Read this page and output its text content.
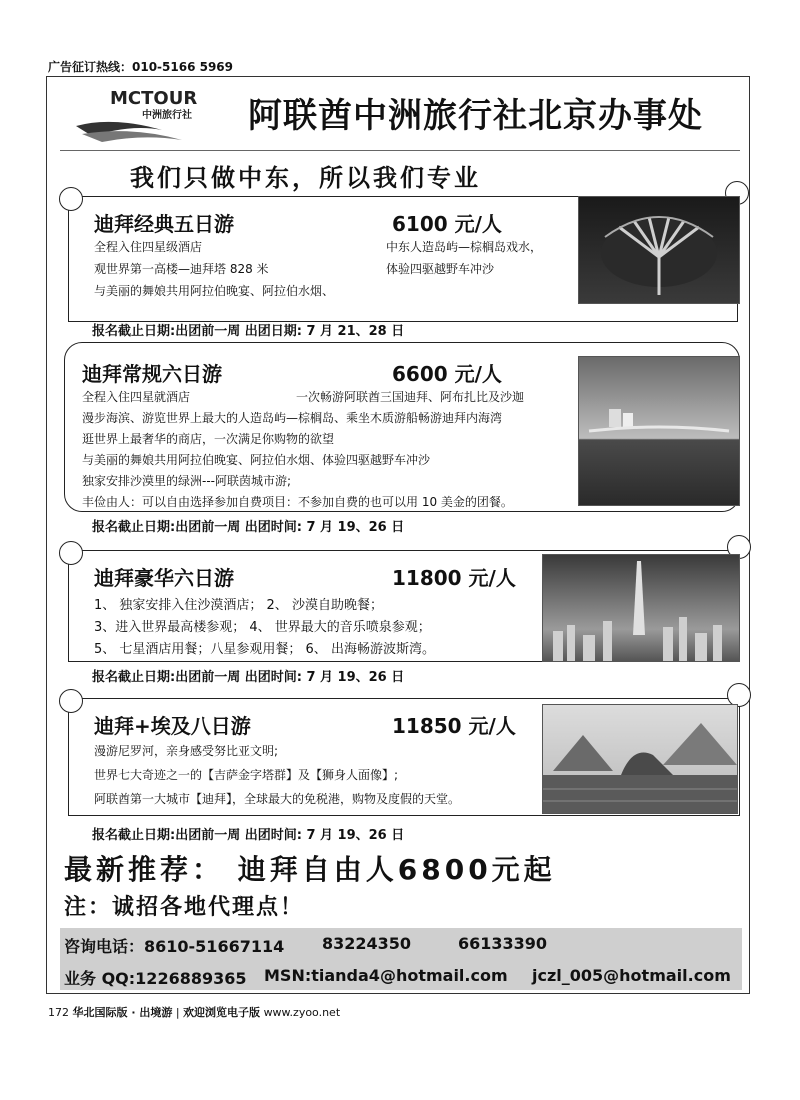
广告征订热线：010-5166 5969
MCTOUR
中洲旅行社 阿联酋中洲旅行社北京办事处
我们只做中东，所以我们专业
迪拜经典五日游	6100 元/人
全程入住四星级酒店	中东人造岛屿—棕榈岛戏水，
观世界第一高楼—迪拜塔 828 米	体验四驱越野车冲沙
与美丽的舞娘共用阿拉伯晚宴、阿拉伯水烟、
报名截止日期:出团前一周 出团日期: 7 月 21、28 日
迪拜常规六日游	6600 元/人
全程入住四星就酒店	一次畅游阿联酋三国迪拜、阿布扎比及沙迦
漫步海滨、游览世界上最大的人造岛屿—棕榈岛、乘坐木质游船畅游迪拜内海湾
逛世界上最奢华的商店，一次满足你购物的欲望
与美丽的舞娘共用阿拉伯晚宴、阿拉伯水烟、体验四驱越野车冲沙
独家安排沙漠里的绿洲---阿联茵城市游;
丰俭由人：可以自由选择参加自费项目：不参加自费的也可以用 10 美金的团餐。
报名截止日期:出团前一周 出团时间: 7 月 19、26 日
迪拜豪华六日游	11800 元/人
1、 独家安排入住沙漠酒店； 2、 沙漠自助晚餐；
3、进入世界最高楼参观； 4、 世界最大的音乐喷泉参观；
5、 七星酒店用餐；八星参观用餐； 6、 出海畅游波斯湾。
报名截止日期:出团前一周 出团时间: 7 月 19、26 日
迪拜+埃及八日游	11850 元/人
漫游尼罗河，亲身感受努比亚文明;
世界七大奇迹之一的【吉萨金字塔群】及【狮身人面像】;
阿联酋第一大城市【迪拜】，全球最大的免税港，购物及度假的天堂。
报名截止日期:出团前一周 出团时间: 7 月 19、26 日
最新推荐： 迪拜自由人6800元起
注：诚招各地代理点！
咨询电话：8610-51667114 83224350	66133390
业务 QQ:1226889365 MSN:tianda4@hotmail.com jczl_005@hotmail.com
172 华北国际版 · 出境游 | 欢迎浏览电子版 www.zyoo.net
